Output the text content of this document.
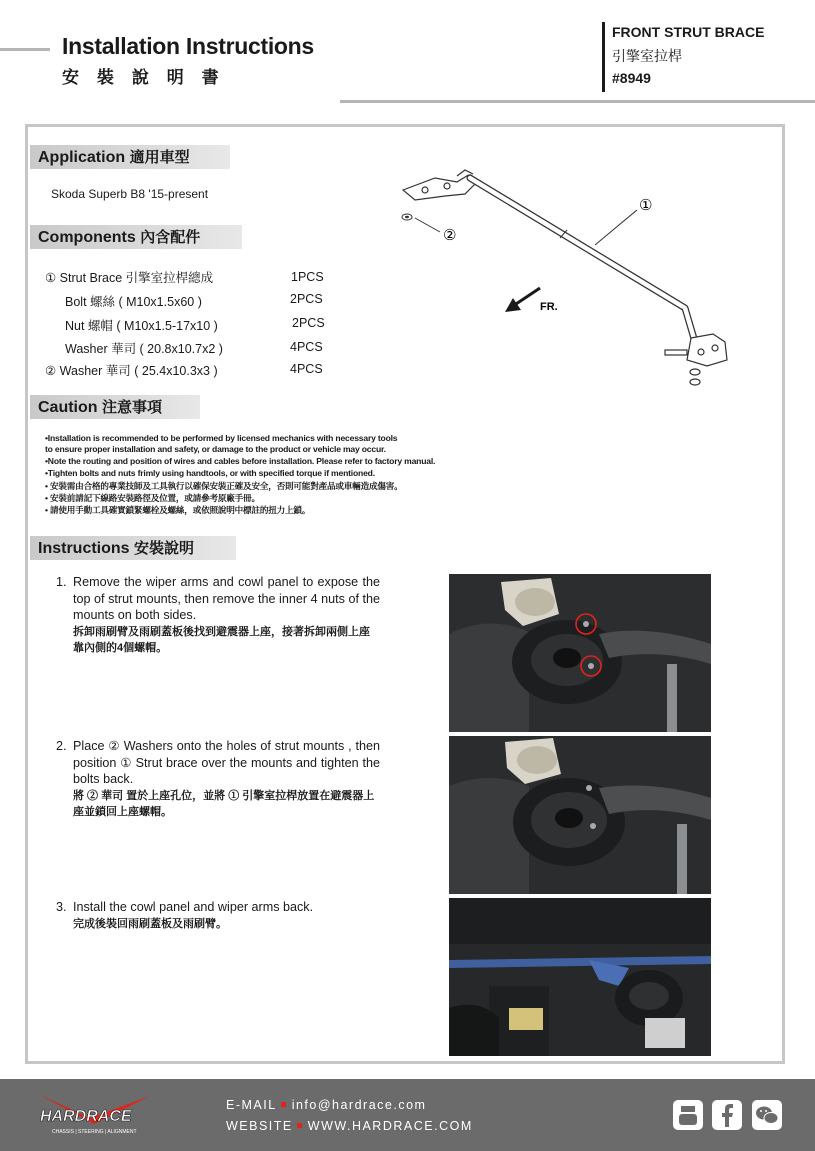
Installation Instructions
安 裝 說 明 書
FRONT STRUT BRACE
引擎室拉桿
#8949
Application 適用車型
Skoda Superb B8 '15-present
Components 內含配件
① Strut Brace 引擎室拉桿總成	1PCS
Bolt 螺絲 ( M10x1.5x60 )	2PCS
Nut 螺帽 ( M10x1.5-17x10 )	2PCS
Washer 華司 ( 20.8x10.7x2 )	4PCS
② Washer 華司 ( 25.4x10.3x3 )	4PCS
①
②
FR.
Caution 注意事項
•Installation is recommended to be performed by licensed mechanics with necessary tools
to ensure proper installation and safety, or damage to the product or vehicle may occur.
•Note the routing and position of wires and cables before installation. Please refer to factory manual.
•Tighten bolts and nuts frimly using handtools, or with specified torque if mentioned.
• 安裝需由合格的專業技師及工具執行以確保安裝正確及安全，否則可能對產品或車輛造成傷害。
• 安裝前請記下線路安裝路徑及位置，或請參考原廠手冊。
• 請使用手動工具確實鎖緊螺栓及螺絲，或依照說明中標註的扭力上鎖。
Instructions 安裝說明
1. Remove the wiper arms and cowl panel to expose the top of strut mounts, then remove the inner 4 nuts of the mounts on both sides.
拆卸雨刷臂及雨刷蓋板後找到避震器上座，接著拆卸兩側上座靠內側的4個螺帽。
2. Place ② Washers onto the holes of strut mounts , then position ① Strut brace over the mounts and tighten the bolts back.
將 ② 華司 置於上座孔位，並將 ① 引擎室拉桿放置在避震器上座並鎖回上座螺帽。
3. Install the cowl panel and wiper arms back.
完成後裝回雨刷蓋板及雨刷臂。
HARDRACE
CHASSIS | STEERING | ALIGNMENT
E-MAIL info@hardrace.com
WEBSITE WWW.HARDRACE.COM
